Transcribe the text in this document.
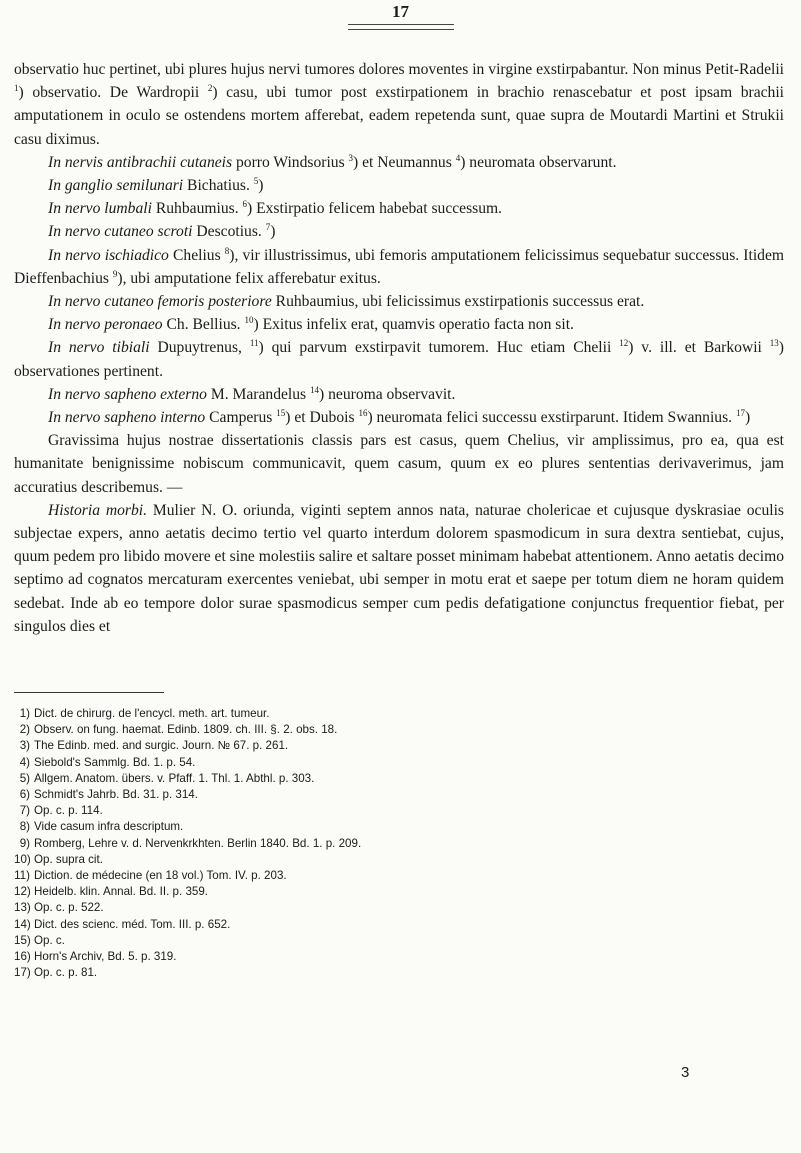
17

observatio huc pertinet, ubi plures hujus nervi tumores dolores moventes in virgine exstirpabantur. Non minus Petit-Radelii $^1$) observatio. De Wardropii $^2$) casu, ubi tumor post exstirpationem in brachio renascebatur et post ipsam brachii amputationem in oculo se ostendens mortem afferebat, eadem repetenda sunt, quae supra de Moutardi Martini et Strukii casu diximus.

In nervis antibrachii cutaneis porro Windsorius $^3$) et Neumannus $^4$) neuromata observarunt.

In ganglio semilunari Bichatius. $^5$)

In nervo lumbali Ruhbaumius. $^6$) Exstirpatio felicem habebat successum.

In nervo cutaneo scroti Descotius. $^7$)

In nervo ischiadico Chelius $^8$), vir illustrissimus, ubi femoris amputationem felicissimus sequebatur successus. Itidem Dieffenbachius $^9$), ubi amputatione felix afferebatur exitus.

In nervo cutaneo femoris posteriore Ruhbaumius, ubi felicissimus exstirpationis successus erat.

In nervo peronaeo Ch. Bellius. $^{10}$) Exitus infelix erat, quamvis operatio facta non sit.

In nervo tibiali Dupuytrenus, $^{11}$) qui parvum exstirpavit tumorem. Huc etiam Chelii $^{12}$) v. ill. et Barkowii $^{13}$) observationes pertinent.

In nervo sapheno externo M. Marandelus $^{14}$) neuroma observavit.

In nervo sapheno interno Camperus $^{15}$) et Dubois $^{16}$) neuromata felici successu exstirparunt. Itidem Swannius. $^{17}$)

Gravissima hujus nostrae dissertationis classis pars est casus, quem Chelius, vir amplissimus, pro ea, qua est humanitate benignissime nobiscum communicavit, quem casum, quum ex eo plures sententias derivaverimus, jam accuratius describemus. —

Historia morbi. Mulier N. O. oriunda, viginti septem annos nata, naturae cholericae et cujusque dyskrasiae oculis subjectae expers, anno aetatis decimo tertio vel quarto interdum dolorem spasmodicum in sura dextra sentiebat, cujus, quum pedem pro libido movere et sine molestiis salire et saltare posset minimam habebat attentionem. Anno aetatis decimo septimo ad cognatos mercaturam exercentes veniebat, ubi semper in motu erat et saepe per totum diem ne horam quidem sedebat. Inde ab eo tempore dolor surae spasmodicus semper cum pedis defatigatione conjunctus frequentior fiebat, per singulos dies et

1) Dict. de chirurg. de l'encycl. meth. art. tumeur.
2) Observ. on fung. haemat. Edinb. 1809. ch. III. §. 2. obs. 18.
3) The Edinb. med. and surgic. Journ. № 67. p. 261.
4) Siebold's Sammlg. Bd. 1. p. 54.
5) Allgem. Anatom. übers. v. Pfaff. 1. Thl. 1. Abthl. p. 303.
6) Schmidt's Jahrb. Bd. 31. p. 314.
7) Op. c. p. 114.
8) Vide casum infra descriptum.
9) Romberg, Lehre v. d. Nervenkrkhten. Berlin 1840. Bd. 1. p. 209.
10) Op. supra cit.
11) Diction. de médecine (en 18 vol.) Tom. IV. p. 203.
12) Heidelb. klin. Annal. Bd. II. p. 359.
13) Op. c. p. 522.
14) Dict. des scienc. méd. Tom. III. p. 652.
15) Op. c.
16) Horn's Archiv, Bd. 5. p. 319.
17) Op. c. p. 81.
3
